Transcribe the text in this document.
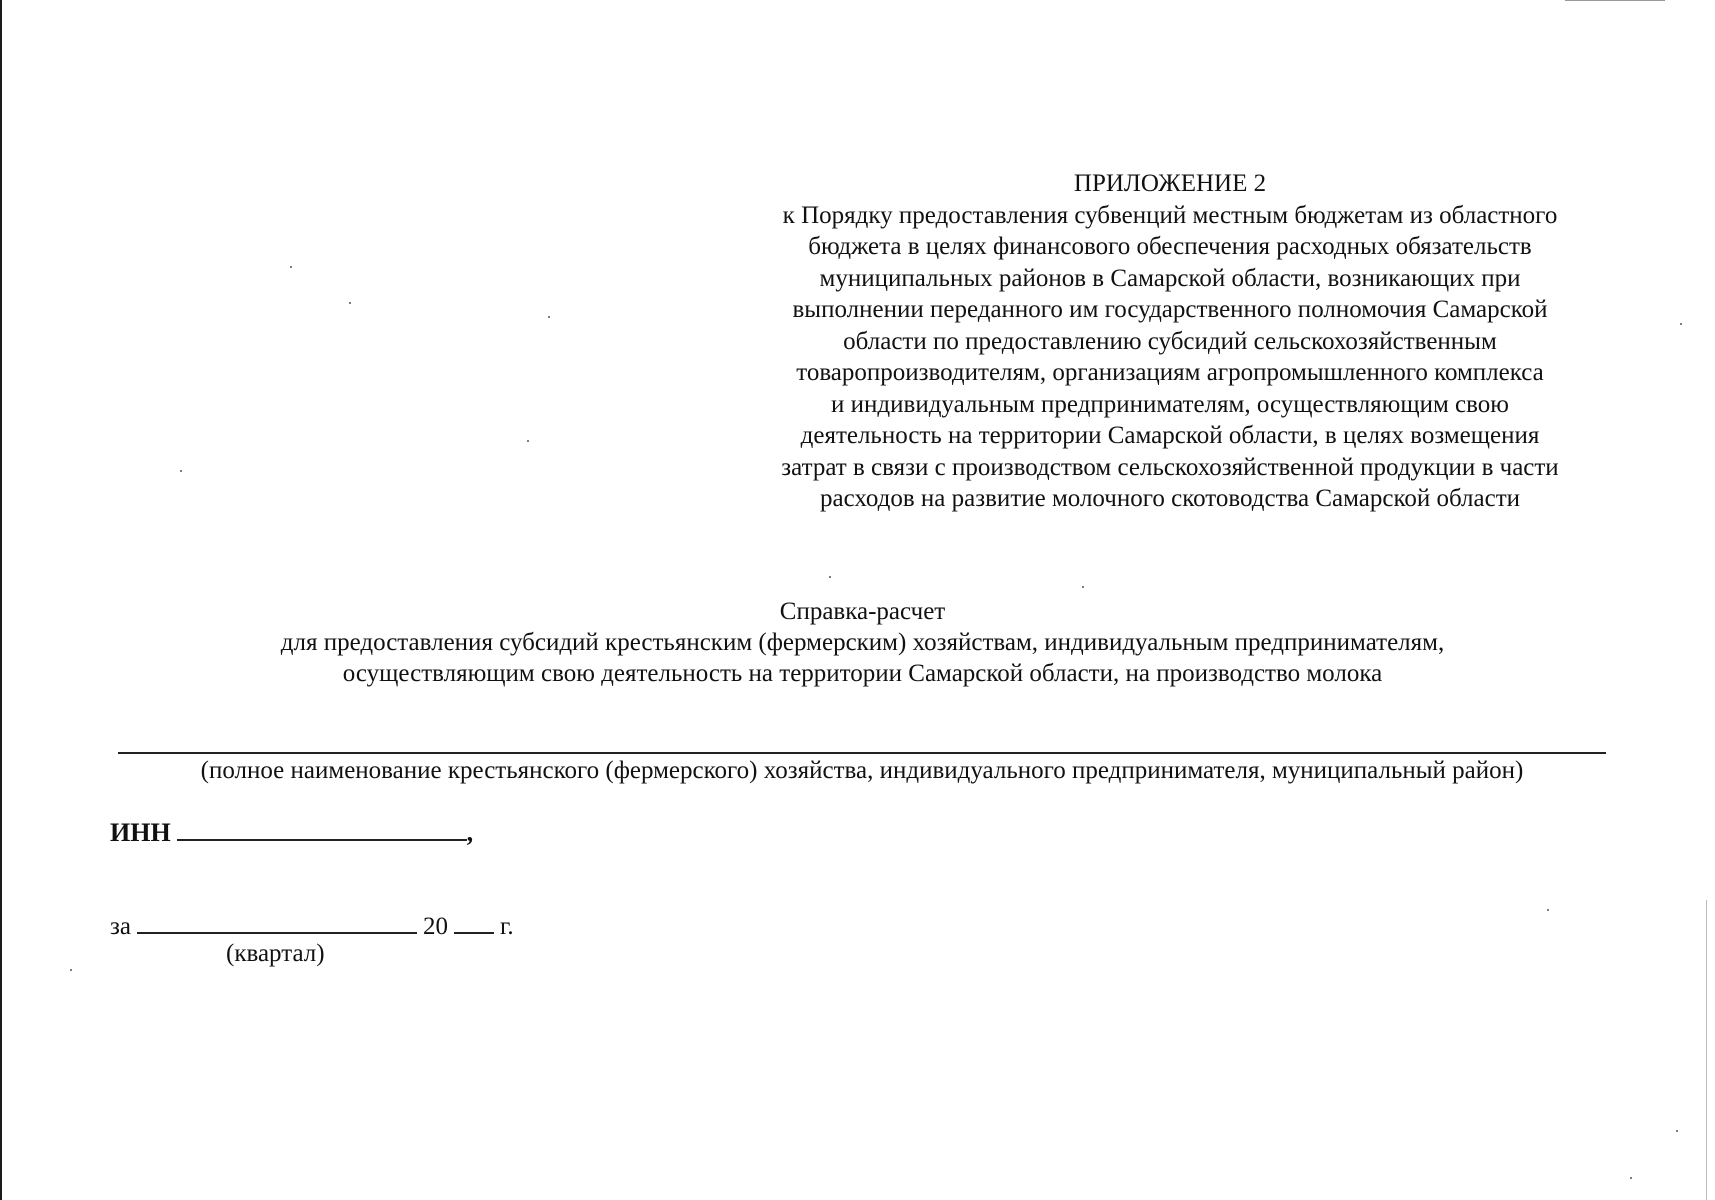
ПРИЛОЖЕНИЕ 2
к Порядку предоставления субвенций местным бюджетам из областного
бюджета в целях финансового обеспечения расходных обязательств
муниципальных районов в Самарской области, возникающих при
выполнении переданного им государственного полномочия Самарской
области по предоставлению субсидий сельскохозяйственным
товаропроизводителям, организациям агропромышленного комплекса
и индивидуальным предпринимателям, осуществляющим свою
деятельность на территории Самарской области, в целях возмещения
затрат в связи с производством сельскохозяйственной продукции в части
расходов на развитие молочного скотоводства Самарской области
Справка-расчет
для предоставления субсидий крестьянским (фермерским) хозяйствам, индивидуальным предпринимателям,
осуществляющим свою деятельность на территории Самарской области, на производство молока
(полное наименование крестьянского (фермерского) хозяйства, индивидуального предпринимателя, муниципальный район)
ИНН	,
за	20 г.
(квартал)
